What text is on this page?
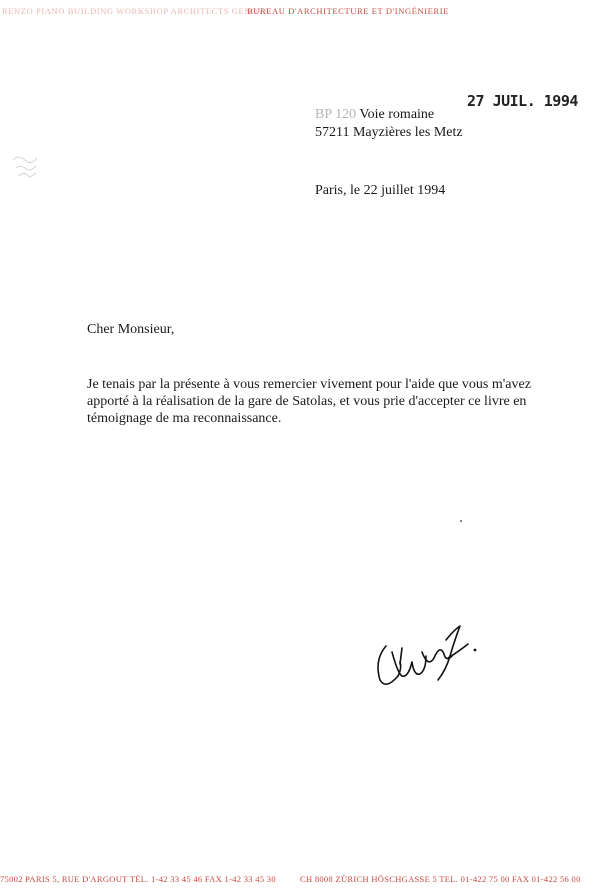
RENZO PIANO BUILDING WORKSHOP ARCHITECTS GENOVA
BUREAU D'ARCHITECTURE ET D'INGÉNIERIE
27 JUIL. 1994
BP 120 Voie romaine
57211 Mayzières les Metz
Paris, le 22 juillet 1994
Cher Monsieur,
Je tenais par la présente à vous remercier vivement pour l'aide que vous m'avez apporté à la réalisation de la gare de Satolas, et vous prie d'accepter ce livre en témoignage de ma reconnaissance.
75002 PARIS 5, RUE D'ARGOUT TÉL. 1-42 33 45 46 FAX 1-42 33 45 30	CH 8008 ZÜRICH HÖSCHGASSE 5 TEL. 01-422 75 00 FAX 01-422 56 00
